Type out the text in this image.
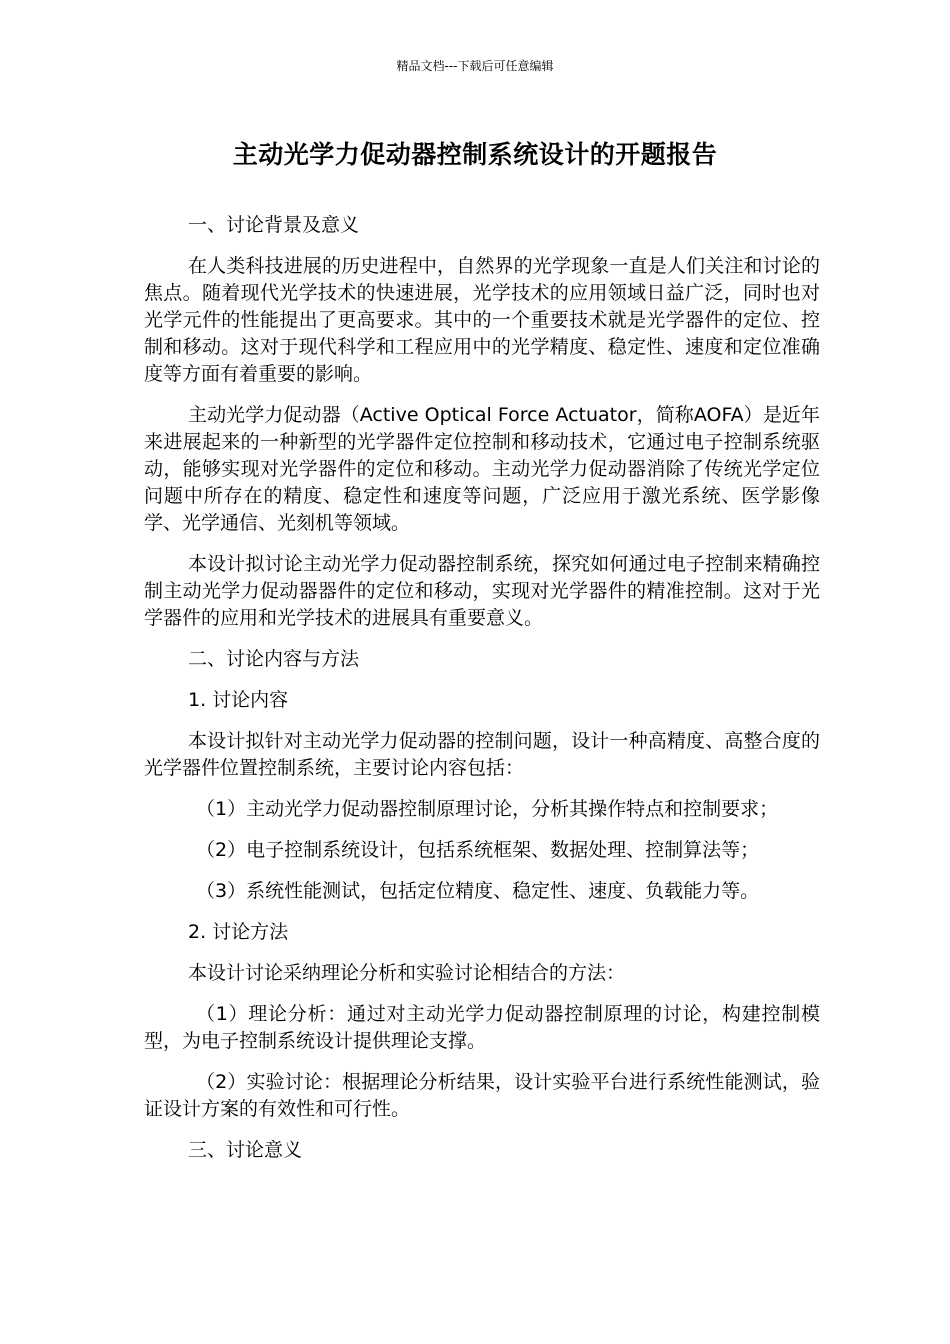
精品文档---下载后可任意编辑
主动光学力促动器控制系统设计的开题报告

一、讨论背景及意义

在人类科技进展的历史进程中，自然界的光学现象一直是人们关注和讨论的焦点。随着现代光学技术的快速进展，光学技术的应用领域日益广泛，同时也对光学元件的性能提出了更高要求。其中的一个重要技术就是光学器件的定位、控制和移动。这对于现代科学和工程应用中的光学精度、稳定性、速度和定位准确度等方面有着重要的影响。

主动光学力促动器（Active Optical Force Actuator，简称AOFA）是近年来进展起来的一种新型的光学器件定位控制和移动技术，它通过电子控制系统驱动，能够实现对光学器件的定位和移动。主动光学力促动器消除了传统光学定位问题中所存在的精度、稳定性和速度等问题，广泛应用于激光系统、医学影像学、光学通信、光刻机等领域。

本设计拟讨论主动光学力促动器控制系统，探究如何通过电子控制来精确控制主动光学力促动器器件的定位和移动，实现对光学器件的精准控制。这对于光学器件的应用和光学技术的进展具有重要意义。

二、讨论内容与方法

1. 讨论内容

本设计拟针对主动光学力促动器的控制问题，设计一种高精度、高整合度的光学器件位置控制系统，主要讨论内容包括：

（1）主动光学力促动器控制原理讨论，分析其操作特点和控制要求；

（2）电子控制系统设计，包括系统框架、数据处理、控制算法等；

（3）系统性能测试，包括定位精度、稳定性、速度、负载能力等。

2. 讨论方法

本设计讨论采纳理论分析和实验讨论相结合的方法：

（1）理论分析：通过对主动光学力促动器控制原理的讨论，构建控制模型，为电子控制系统设计提供理论支撑。

（2）实验讨论：根据理论分析结果，设计实验平台进行系统性能测试，验证设计方案的有效性和可行性。

三、讨论意义
